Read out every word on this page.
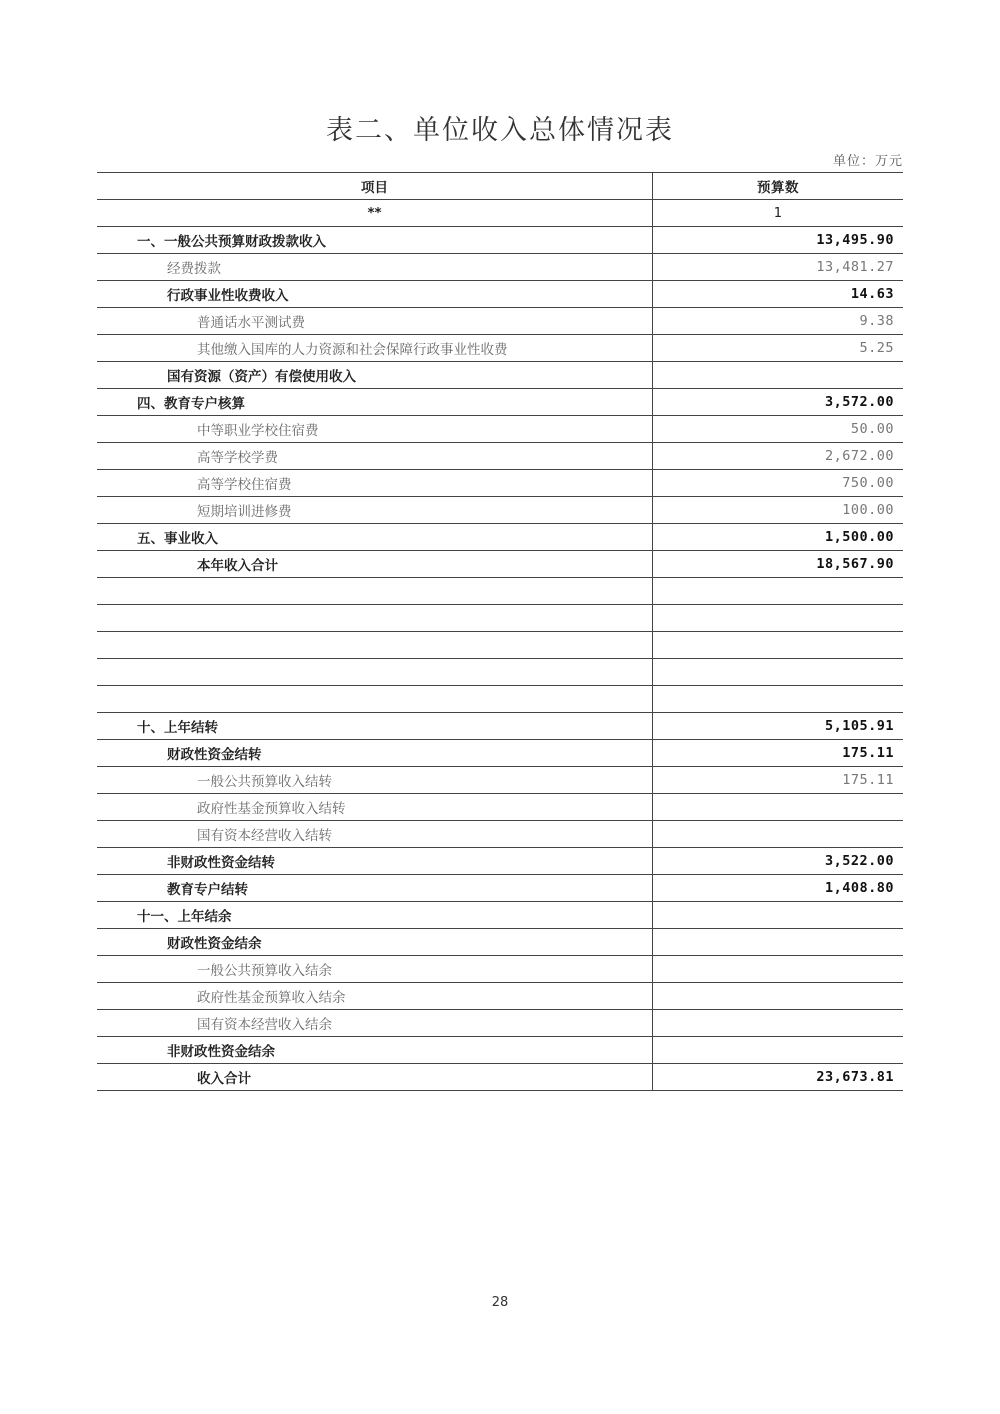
表二、单位收入总体情况表
单位：万元
项目	预算数
**	1
一、一般公共预算财政拨款收入	13,495.90
经费拨款	13,481.27
行政事业性收费收入	14.63
普通话水平测试费	9.38
其他缴入国库的人力资源和社会保障行政事业性收费	5.25
国有资源（资产）有偿使用收入	
四、教育专户核算	3,572.00
中等职业学校住宿费	50.00
高等学校学费	2,672.00
高等学校住宿费	750.00
短期培训进修费	100.00
五、事业收入	1,500.00
本年收入合计	18,567.90

十、上年结转	5,105.91
财政性资金结转	175.11
一般公共预算收入结转	175.11
政府性基金预算收入结转	
国有资本经营收入结转	
非财政性资金结转	3,522.00
教育专户结转	1,408.80
十一、上年结余	
财政性资金结余	
一般公共预算收入结余	
政府性基金预算收入结余	
国有资本经营收入结余	
非财政性资金结余	
收入合计	23,673.81
28
